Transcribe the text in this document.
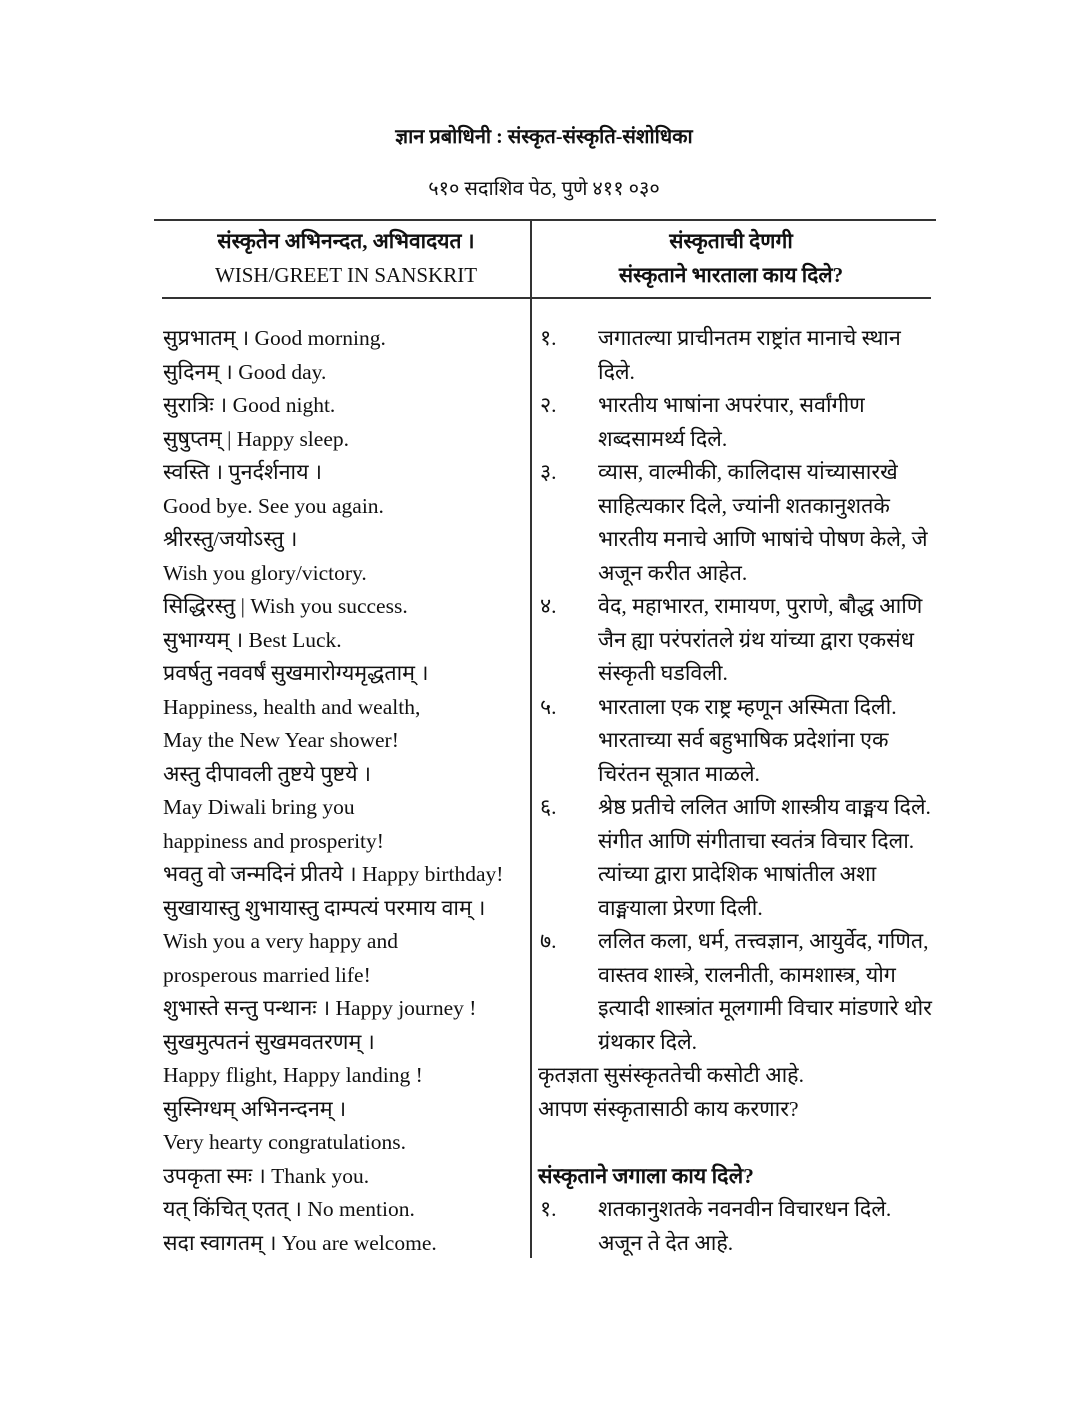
ज्ञान प्रबोधिनी : संस्कृत-संस्कृति-संशोधिका
५१० सदाशिव पेठ, पुणे ४११ ०३०
संस्कृतेन अभिनन्दत, अभिवादयत ।
WISH/GREET IN SANSKRIT
संस्कृताची देणगी
संस्कृताने भारताला काय दिले?
सुप्रभातम् । Good morning.
सुदिनम् । Good day.
सुरात्रिः । Good night.
सुषुप्तम् | Happy sleep.
स्वस्ति । पुनर्दर्शनाय ।
Good bye. See you again.
श्रीरस्तु/जयोऽस्तु ।
Wish you glory/victory.
सिद्धिरस्तु | Wish you success.
सुभाग्यम् । Best Luck.
प्रवर्षतु नववर्षं सुखमारोग्यमृद्धताम् ।
Happiness, health and wealth,
May the New Year shower!
अस्तु दीपावली तुष्टये पुष्टये ।
May Diwali bring you
happiness and prosperity!
भवतु वो जन्मदिनं प्रीतये । Happy birthday!
सुखायास्तु शुभायास्तु दाम्पत्यं परमाय वाम् ।
Wish you a very happy and
prosperous married life!
शुभास्ते सन्तु पन्थानः । Happy journey !
सुखमुत्पतनं सुखमवतरणम् ।
Happy flight, Happy landing !
सुस्निग्धम् अभिनन्दनम् ।
Very hearty congratulations.
उपकृता स्मः । Thank you.
यत् किंचित् एतत् । No mention.
सदा स्वागतम् । You are welcome.
१.	जगातल्या प्राचीनतम राष्ट्रांत मानाचे स्थान
दिले.
२.	भारतीय भाषांना अपरंपार, सर्वांगीण
शब्दसामर्थ्य दिले.
३.	व्यास, वाल्मीकी, कालिदास यांच्यासारखे
साहित्यकार दिले, ज्यांनी शतकानुशतके
भारतीय मनाचे आणि भाषांचे पोषण केले, जे
अजून करीत आहेत.
४.	वेद, महाभारत, रामायण, पुराणे, बौद्ध आणि
जैन ह्या परंपरांतले ग्रंथ यांच्या द्वारा एकसंध
संस्कृती घडविली.
५.	भारताला एक राष्ट्र म्हणून अस्मिता दिली.
भारताच्या सर्व बहुभाषिक प्रदेशांना एक
चिरंतन सूत्रात माळले.
६.	श्रेष्ठ प्रतीचे ललित आणि शास्त्रीय वाङ्मय दिले.
संगीत आणि संगीताचा स्वतंत्र विचार दिला.
त्यांच्या द्वारा प्रादेशिक भाषांतील अशा
वाङ्मयाला प्रेरणा दिली.
७.	ललित कला, धर्म, तत्त्वज्ञान, आयुर्वेद, गणित,
वास्तव शास्त्रे, रालनीती, कामशास्त्र, योग
इत्यादी शास्त्रांत मूलगामी विचार मांडणारे थोर
ग्रंथकार दिले.
कृतज्ञता सुसंस्कृततेची कसोटी आहे.
आपण संस्कृतासाठी काय करणार?
संस्कृताने जगाला काय दिले?
१.	शतकानुशतके नवनवीन विचारधन दिले.
अजून ते देत आहे.
